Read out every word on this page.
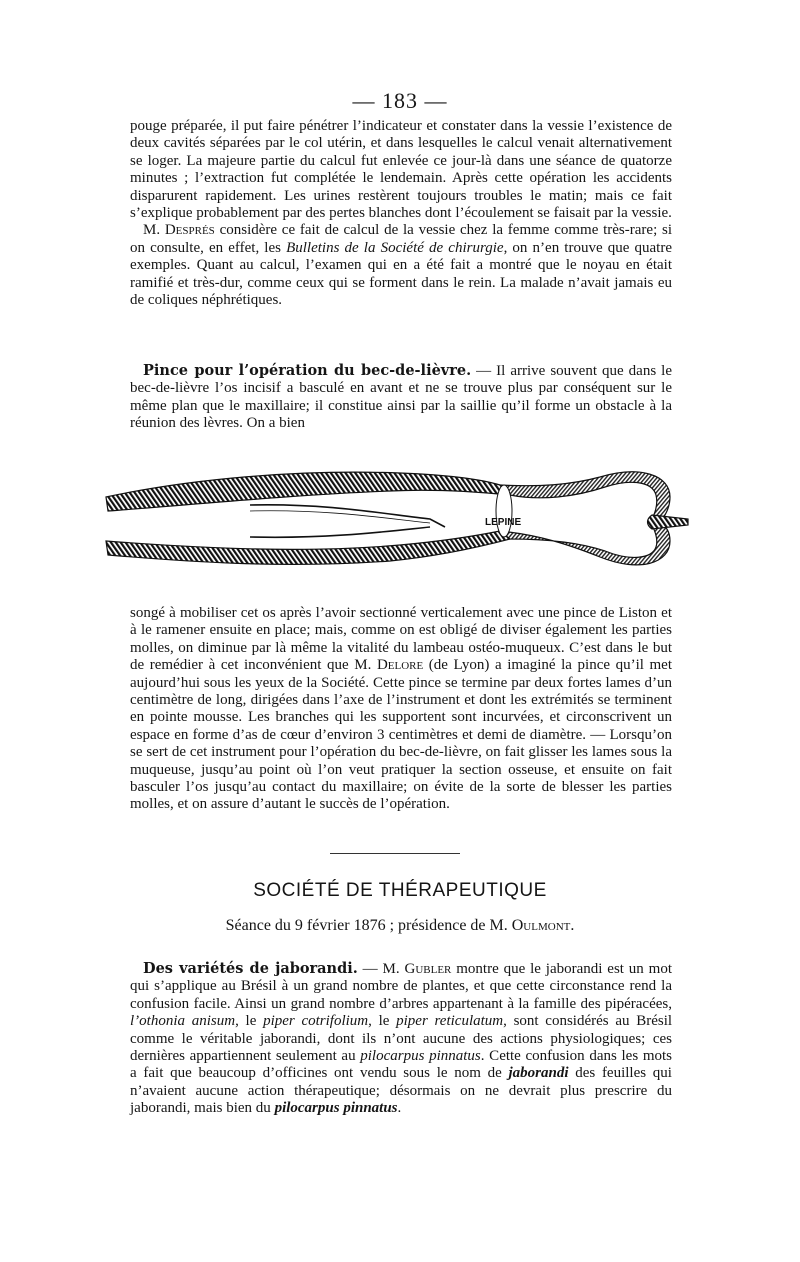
— 183 —

pouge préparée, il put faire pénétrer l’indicateur et constater dans la vessie l’existence de deux cavités séparées par le col utérin, et dans lesquelles le calcul venait alternativement se loger. La majeure partie du calcul fut enlevée ce jour-là dans une séance de quatorze minutes ; l’extraction fut complétée le lendemain. Après cette opération les accidents disparurent rapidement. Les urines restèrent toujours troubles le matin; mais ce fait s’explique probablement par des pertes blanches dont l’écoulement se faisait par la vessie.

M. Després considère ce fait de calcul de la vessie chez la femme comme très-rare; si on consulte, en effet, les Bulletins de la Société de chirurgie, on n’en trouve que quatre exemples. Quant au calcul, l’examen qui en a été fait a montré que le noyau en était ramifié et très-dur, comme ceux qui se forment dans le rein. La malade n’avait jamais eu de coliques néphrétiques.

Pince pour l’opération du bec-de-lièvre. — Il arrive souvent que dans le bec-de-lièvre l’os incisif a basculé en avant et ne se trouve plus par conséquent sur le même plan que le maxillaire; il constitue ainsi par la saillie qu’il forme un obstacle à la réunion des lèvres. On a bien

LEPINE

songé à mobiliser cet os après l’avoir sectionné verticalement avec une pince de Liston et à le ramener ensuite en place; mais, comme on est obligé de diviser également les parties molles, on diminue par là même la vitalité du lambeau ostéo-muqueux. C’est dans le but de remédier à cet inconvénient que M. Delore (de Lyon) a imaginé la pince qu’il met aujourd’hui sous les yeux de la Société. Cette pince se termine par deux fortes lames d’un centimètre de long, dirigées dans l’axe de l’instrument et dont les extrémités se terminent en pointe mousse. Les branches qui les supportent sont incurvées, et circonscrivent un espace en forme d’as de cœur d’environ 3 centimètres et demi de diamètre. — Lorsqu’on se sert de cet instrument pour l’opération du bec-de-lièvre, on fait glisser les lames sous la muqueuse, jusqu’au point où l’on veut pratiquer la section osseuse, et ensuite on fait basculer l’os jusqu’au contact du maxillaire; on évite de la sorte de blesser les parties molles, et on assure d’autant le succès de l’opération.

SOCIÉTÉ DE THÉRAPEUTIQUE
Séance du 9 février 1876 ; présidence de M. Oulmont.

Des variétés de jaborandi. — M. Gubler montre que le jaborandi est un mot qui s’applique au Brésil à un grand nombre de plantes, et que cette circonstance rend la confusion facile. Ainsi un grand nombre d’arbres appartenant à la famille des pipéracées, l’othonia anisum, le piper cotrifolium, le piper reticulatum, sont considérés au Brésil comme le véritable jaborandi, dont ils n’ont aucune des actions physiologiques; ces dernières appartiennent seulement au pilocarpus pinnatus. Cette confusion dans les mots a fait que beaucoup d’officines ont vendu sous le nom de jaborandi des feuilles qui n’avaient aucune action thérapeutique; désormais on ne devrait plus prescrire du jaborandi, mais bien du pilocarpus pinnatus.
